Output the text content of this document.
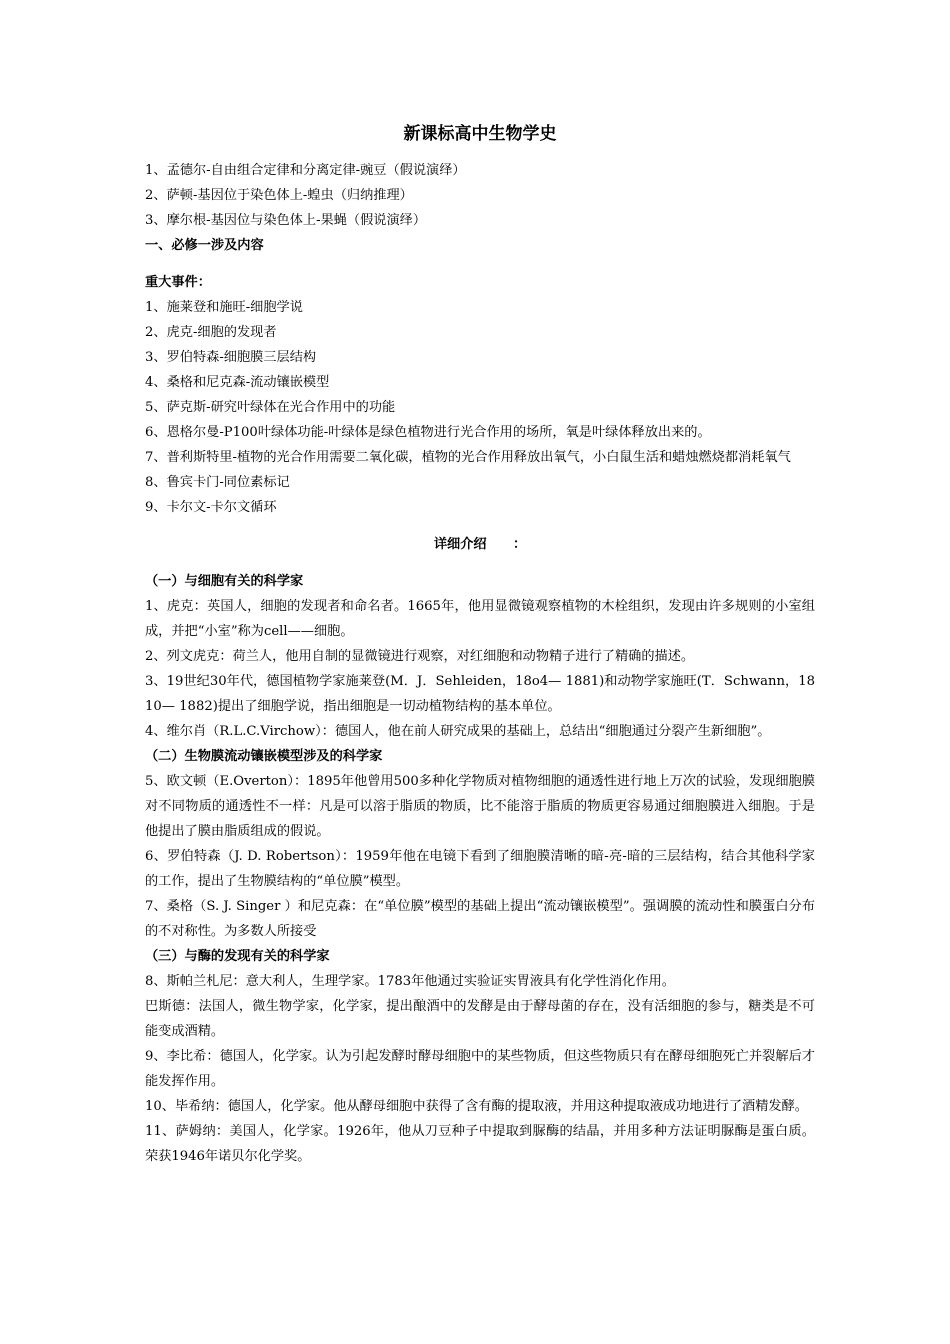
新课标高中生物学史

1、孟德尔-自由组合定律和分离定律-豌豆（假说演绎）

2、萨顿-基因位于染色体上-蝗虫（归纳推理）

3、摩尔根-基因位与染色体上-果蝇（假说演绎）

一、必修一涉及内容

重大事件：

1、施莱登和施旺-细胞学说

2、虎克-细胞的发现者

3、罗伯特森-细胞膜三层结构

4、桑格和尼克森-流动镶嵌模型

5、萨克斯-研究叶绿体在光合作用中的功能

6、恩格尔曼-P100叶绿体功能-叶绿体是绿色植物进行光合作用的场所，氧是叶绿体释放出来的。

7、普利斯特里-植物的光合作用需要二氧化碳，植物的光合作用释放出氧气，小白鼠生活和蜡烛燃烧都消耗氧气

8、鲁宾卡门-同位素标记

9、卡尔文-卡尔文循环

详细介绍　　：

（一）与细胞有关的科学家

1、虎克：英国人，细胞的发现者和命名者。1665年，他用显微镜观察植物的木栓组织，发现由许多规则的小室组成，并把“小室”称为cell——细胞。

2、列文虎克：荷兰人，他用自制的显微镜进行观察，对红细胞和动物精子进行了精确的描述。

3、19世纪30年代，德国植物学家施莱登(M．J．Sehleiden，18o4— 1881)和动物学家施旺(T．Schwann，1810— 1882)提出了细胞学说，指出细胞是一切动植物结构的基本单位。

4、维尔肖（R.L.C.Virchow）：德国人，他在前人研究成果的基础上，总结出“细胞通过分裂产生新细胞”。

（二）生物膜流动镶嵌模型涉及的科学家

5、欧文顿（E.Overton）：1895年他曾用500多种化学物质对植物细胞的通透性进行地上万次的试验，发现细胞膜对不同物质的通透性不一样：凡是可以溶于脂质的物质，比不能溶于脂质的物质更容易通过细胞膜进入细胞。于是他提出了膜由脂质组成的假说。

6、罗伯特森（J. D. Robertson）：1959年他在电镜下看到了细胞膜清晰的暗-亮-暗的三层结构，结合其他科学家的工作，提出了生物膜结构的“单位膜”模型。

7、桑格（S. J. Singer ）和尼克森：在“单位膜”模型的基础上提出“流动镶嵌模型”。强调膜的流动性和膜蛋白分布的不对称性。为多数人所接受

（三）与酶的发现有关的科学家

8、斯帕兰札尼：意大利人，生理学家。1783年他通过实验证实胃液具有化学性消化作用。

巴斯德：法国人，微生物学家，化学家，提出酿酒中的发酵是由于酵母菌的存在，没有活细胞的参与，糖类是不可能变成酒精。

9、李比希：德国人，化学家。认为引起发酵时酵母细胞中的某些物质，但这些物质只有在酵母细胞死亡并裂解后才能发挥作用。

10、毕希纳：德国人，化学家。他从酵母细胞中获得了含有酶的提取液，并用这种提取液成功地进行了酒精发酵。

11、萨姆纳：美国人，化学家。1926年，他从刀豆种子中提取到脲酶的结晶，并用多种方法证明脲酶是蛋白质。荣获1946年诺贝尔化学奖。
